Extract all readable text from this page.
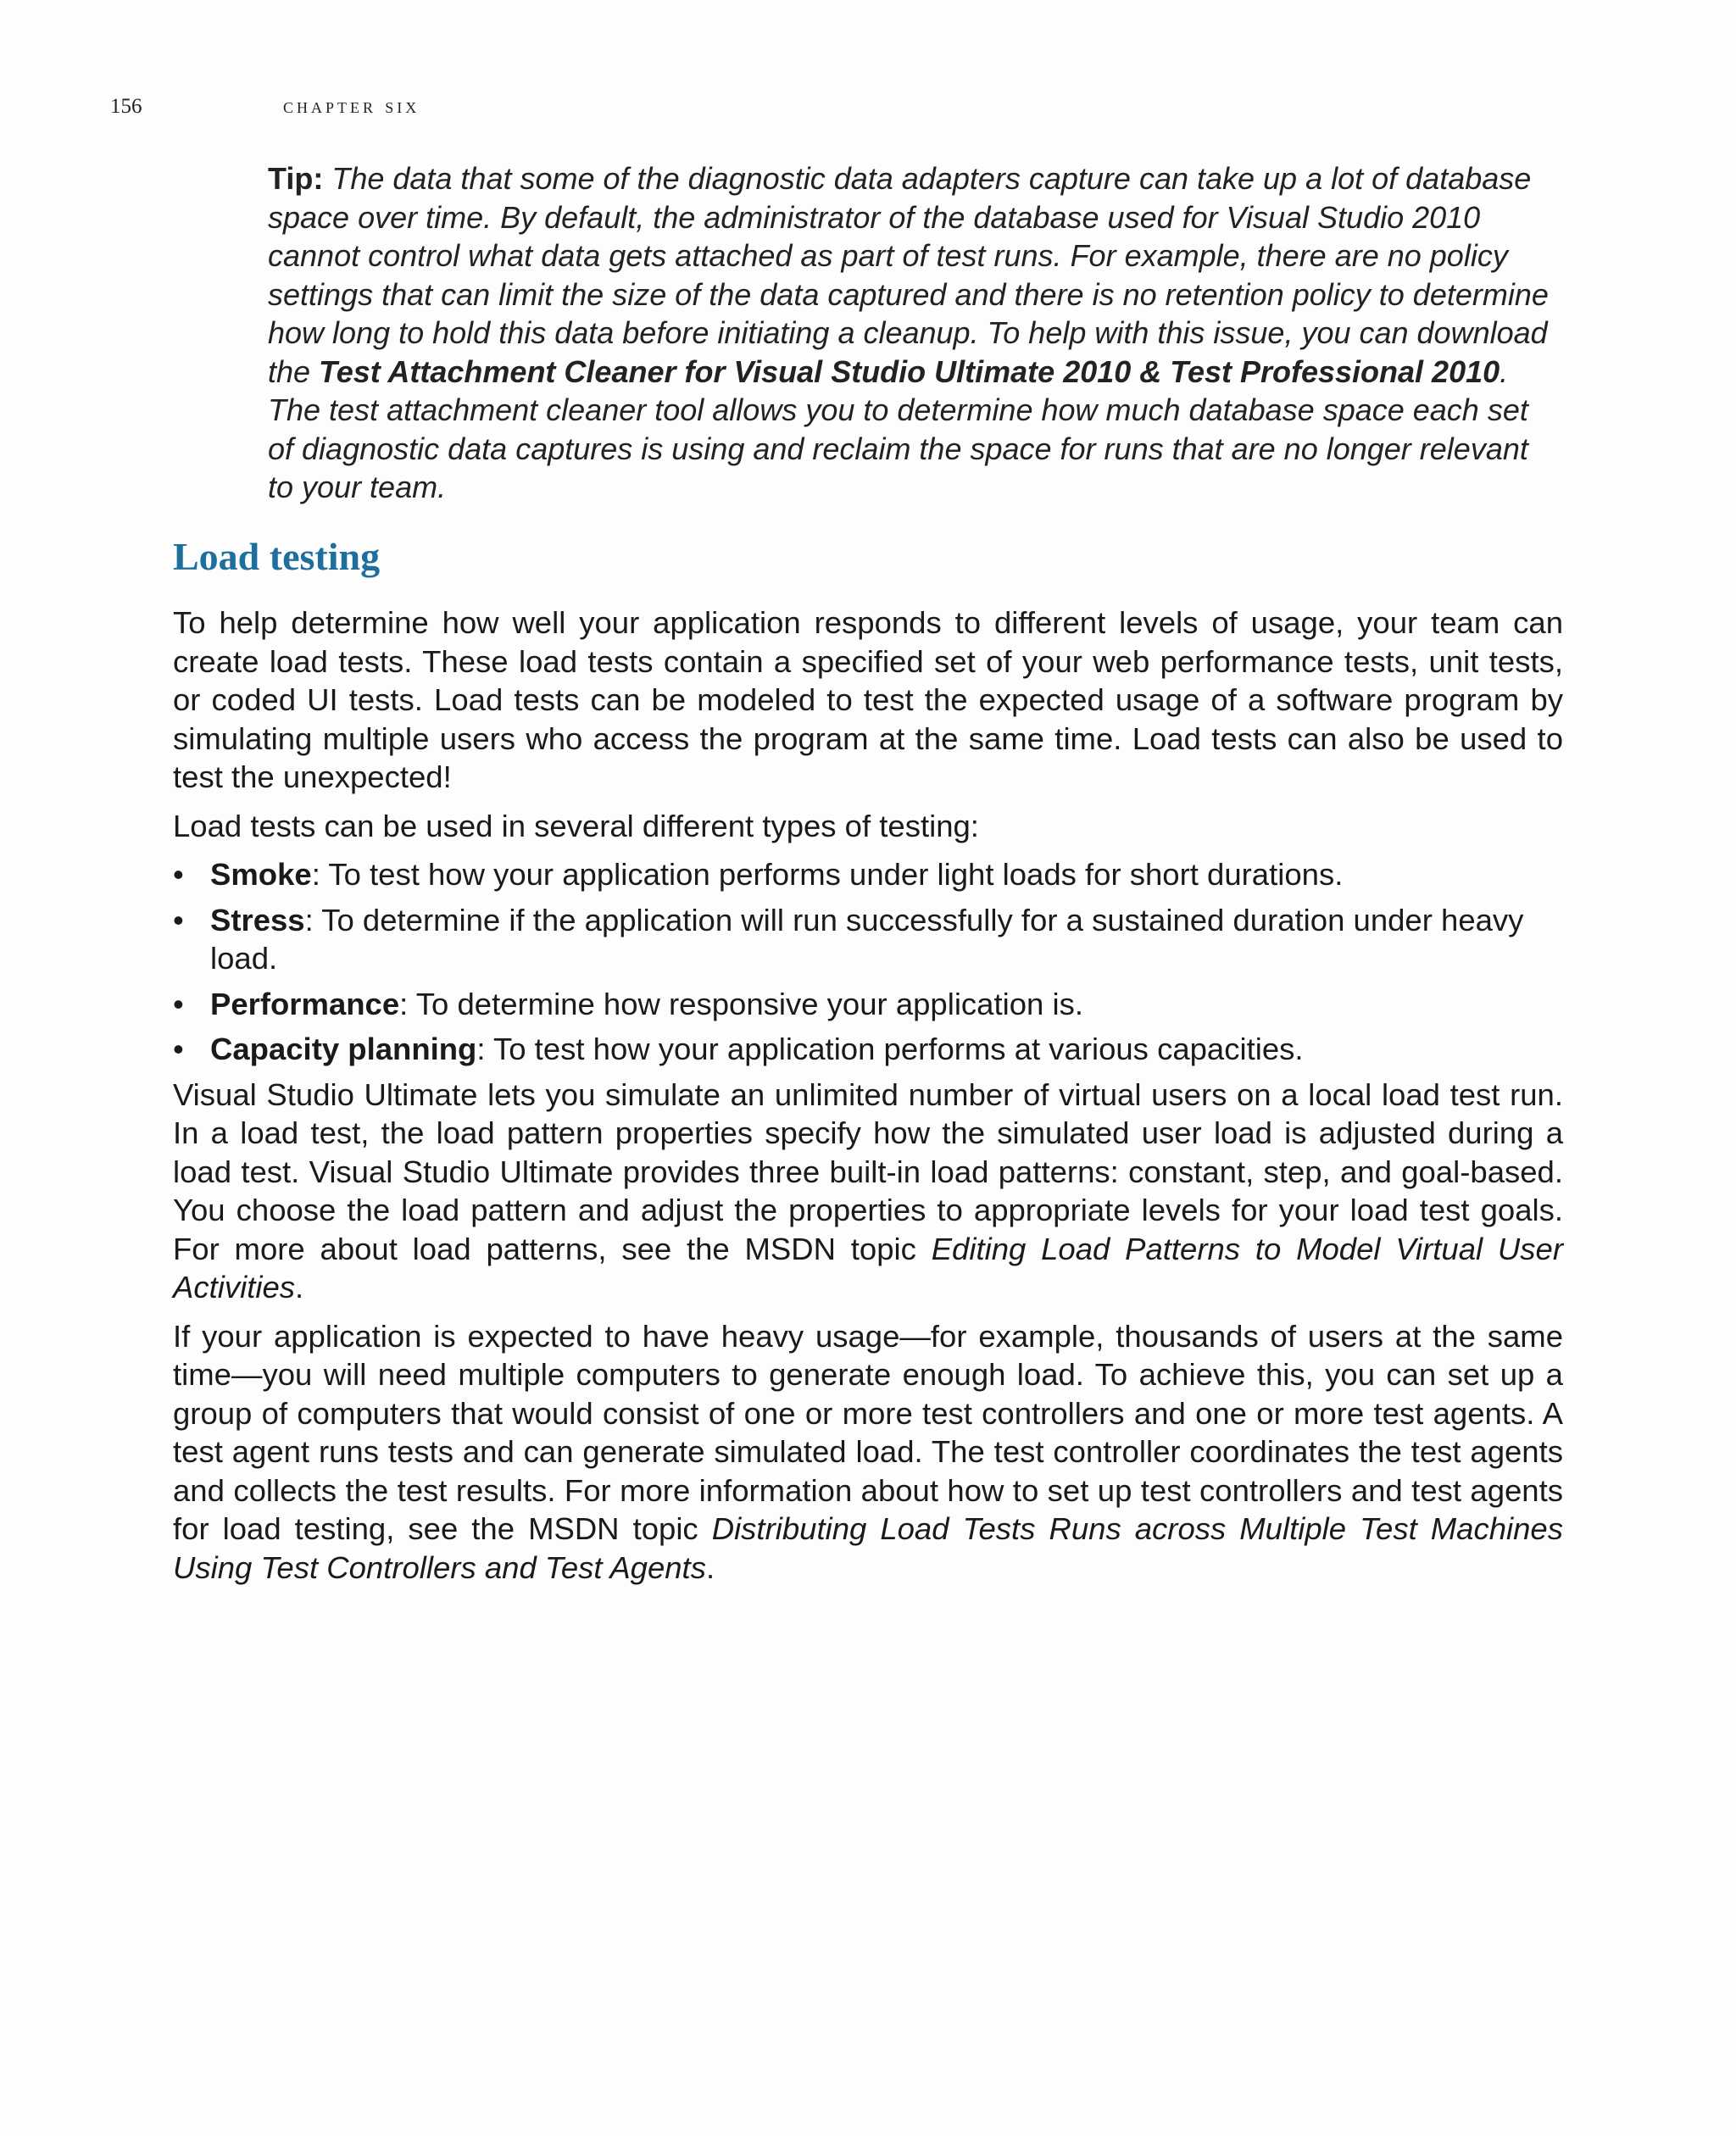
156	chapter six
Tip: The data that some of the diagnostic data adapters capture can take up a lot of database space over time. By default, the administrator of the database used for Visual Studio 2010 cannot control what data gets attached as part of test runs. For example, there are no policy settings that can limit the size of the data captured and there is no retention policy to determine how long to hold this data before initiating a cleanup. To help with this issue, you can download the Test Attachment Cleaner for Visual Studio Ultimate 2010 & Test Professional 2010. The test attachment cleaner tool allows you to determine how much database space each set of diagnostic data captures is using and reclaim the space for runs that are no longer relevant to your team.
Load testing

To help determine how well your application responds to different levels of usage, your team can create load tests. These load tests contain a specified set of your web performance tests, unit tests, or coded UI tests. Load tests can be modeled to test the expected usage of a software program by simulating multiple users who access the program at the same time. Load tests can also be used to test the unexpected!

Load tests can be used in several different types of testing:

• Smoke: To test how your application performs under light loads for short durations.
• Stress: To determine if the application will run successfully for a sustained duration under heavy load.
• Performance: To determine how responsive your application is.
• Capacity planning: To test how your application performs at various capacities.

Visual Studio Ultimate lets you simulate an unlimited number of virtual users on a local load test run. In a load test, the load pattern properties specify how the simulated user load is adjusted during a load test. Visual Studio Ultimate provides three built-in load patterns: constant, step, and goal-based. You choose the load pattern and adjust the properties to appropriate levels for your load test goals. For more about load patterns, see the MSDN topic Editing Load Patterns to Model Virtual User Activities.

If your application is expected to have heavy usage—for example, thousands of users at the same time—you will need multiple computers to generate enough load. To achieve this, you can set up a group of computers that would consist of one or more test controllers and one or more test agents. A test agent runs tests and can generate simulated load. The test controller coordinates the test agents and collects the test results. For more information about how to set up test controllers and test agents for load testing, see the MSDN topic Distributing Load Tests Runs across Multiple Test Machines Using Test Controllers and Test Agents.
